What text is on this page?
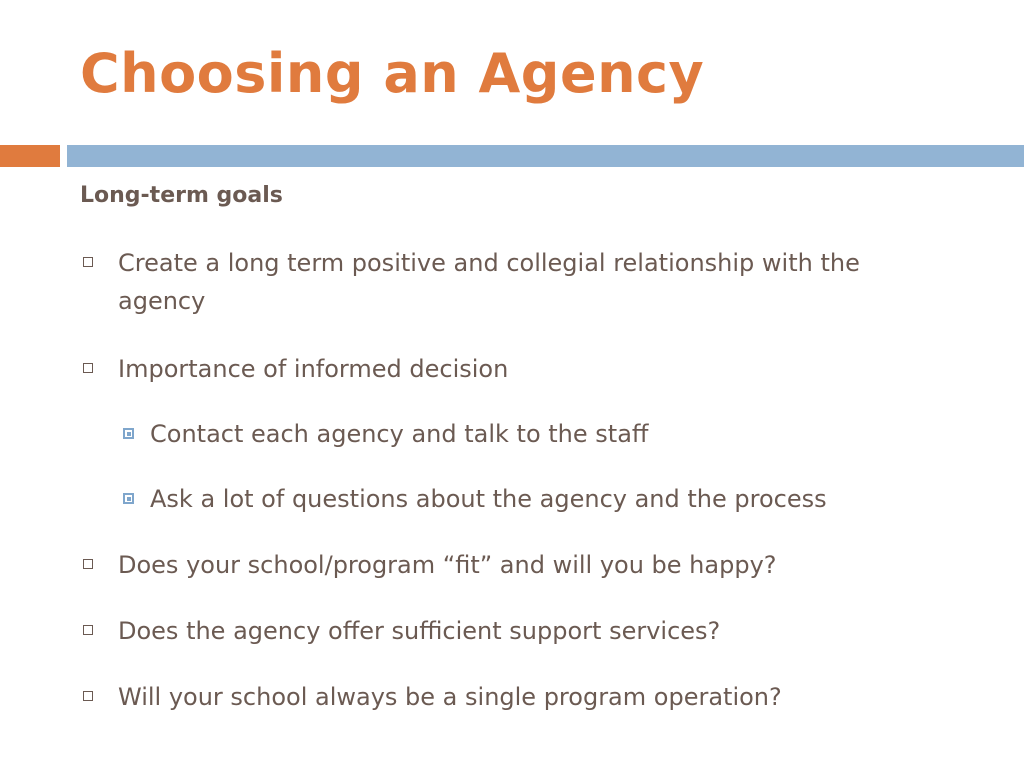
Choosing an Agency
Long-term goals
Create a long term positive and collegial relationship with the agency
Importance of informed decision
Contact each agency and talk to the staff
Ask a lot of questions about the agency and the process
Does your school/program “fit” and will you be happy?
Does the agency offer sufficient support services?
Will your school always be a single program operation?
